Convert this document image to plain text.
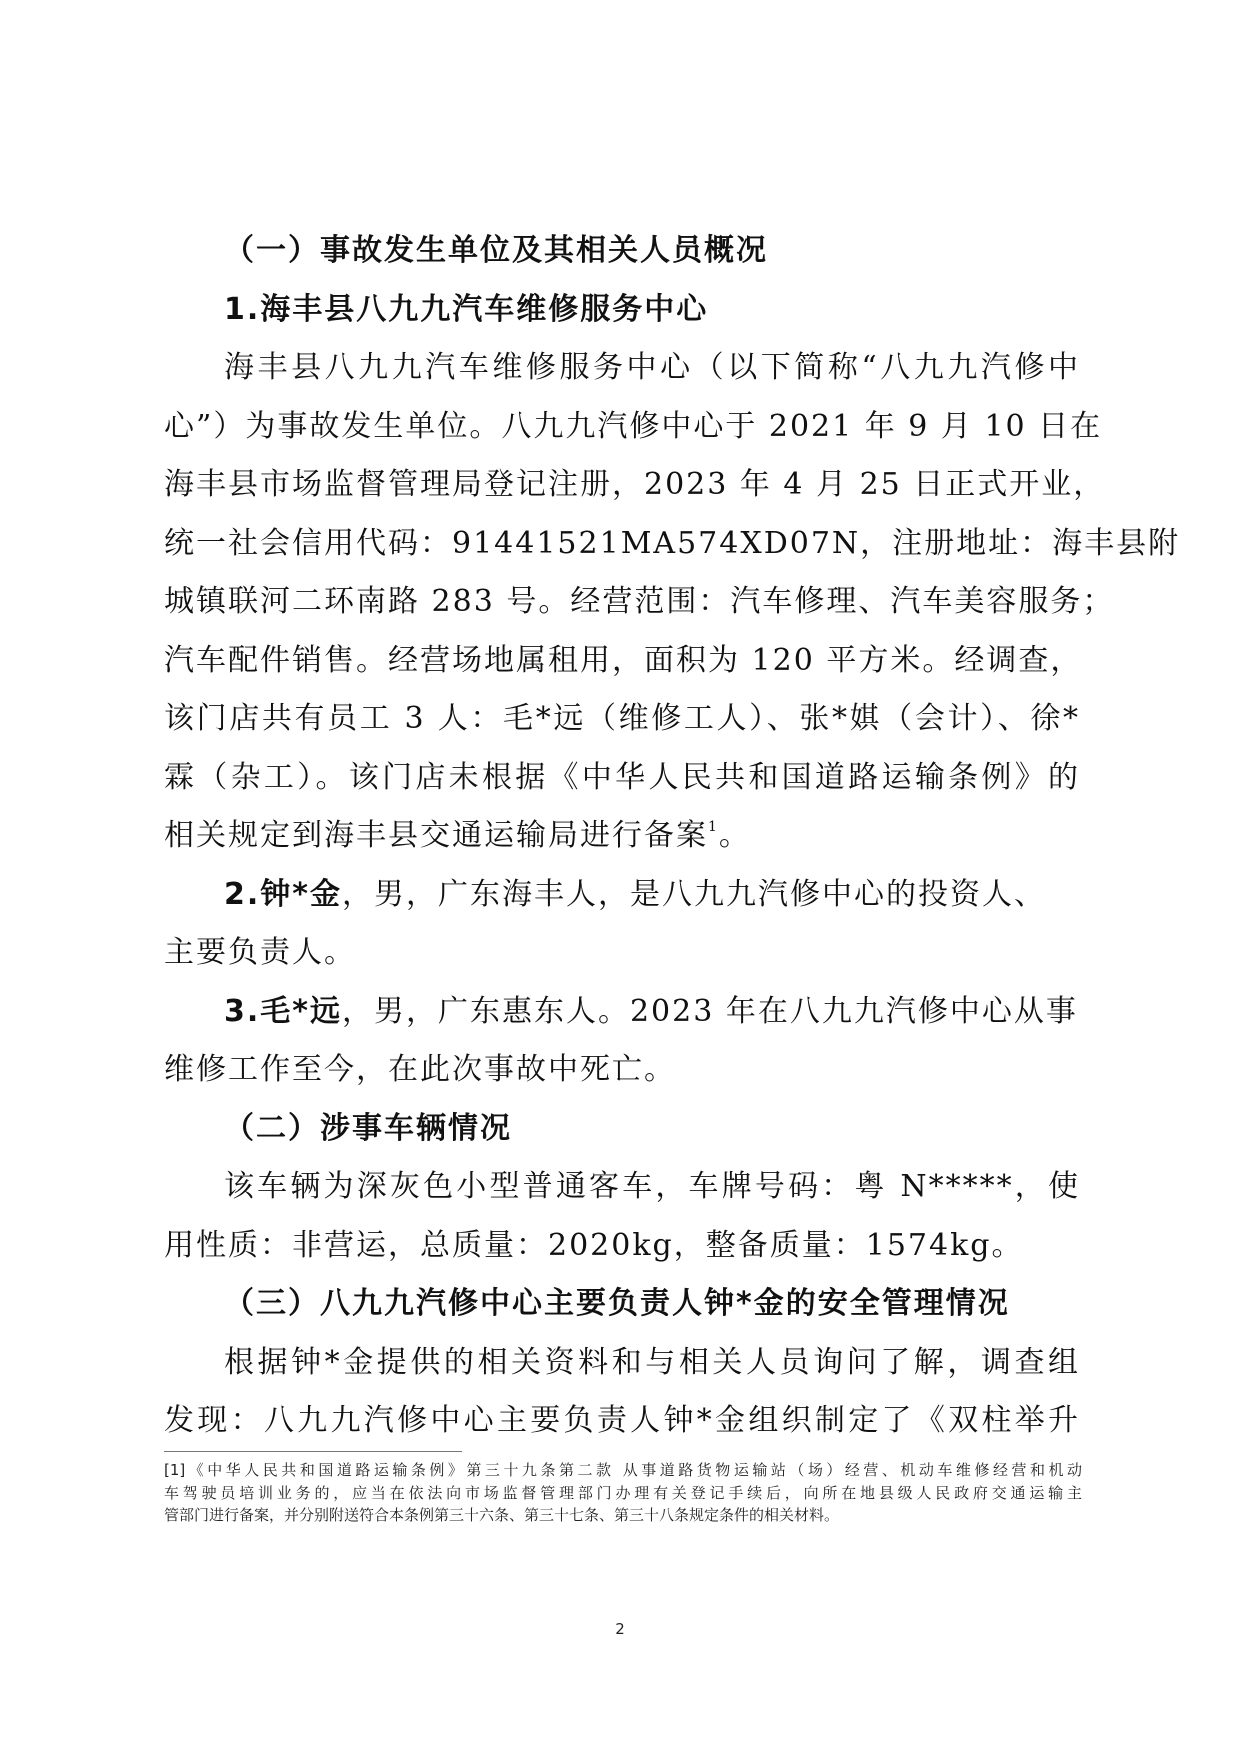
（一）事故发生单位及其相关人员概况
1.海丰县八九九汽车维修服务中心
海丰县八九九汽车维修服务中心（以下简称“八九九汽修中
心”）为事故发生单位。八九九汽修中心于 2021 年 9 月 10 日在
海丰县市场监督管理局登记注册，2023 年 4 月 25 日正式开业，
统一社会信用代码：91441521MA574XD07N，注册地址：海丰县附
城镇联河二环南路 283 号。经营范围：汽车修理、汽车美容服务；
汽车配件销售。经营场地属租用，面积为 120 平方米。经调查，
该门店共有员工 3 人：毛*远（维修工人）、张*娸（会计）、徐*
霖（杂工）。该门店未根据《中华人民共和国道路运输条例》的
相关规定到海丰县交通运输局进行备案$^1$。
2.钟*金，男，广东海丰人，是八九九汽修中心的投资人、
主要负责人。
3.毛*远，男，广东惠东人。2023 年在八九九汽修中心从事
维修工作至今，在此次事故中死亡。
（二）涉事车辆情况
该车辆为深灰色小型普通客车，车牌号码：粤 N*****，使
用性质：非营运，总质量：2020kg，整备质量：1574kg。
（三）八九九汽修中心主要负责人钟*金的安全管理情况
根据钟*金提供的相关资料和与相关人员询问了解，调查组
发现：八九九汽修中心主要负责人钟*金组织制定了《双柱举升
[1]《中华人民共和国道路运输条例》第三十九条第二款 从事道路货物运输站（场）经营、机动车维修经营和机动
车驾驶员培训业务的，应当在依法向市场监督管理部门办理有关登记手续后，向所在地县级人民政府交通运输主
管部门进行备案，并分别附送符合本条例第三十六条、第三十七条、第三十八条规定条件的相关材料。
2
